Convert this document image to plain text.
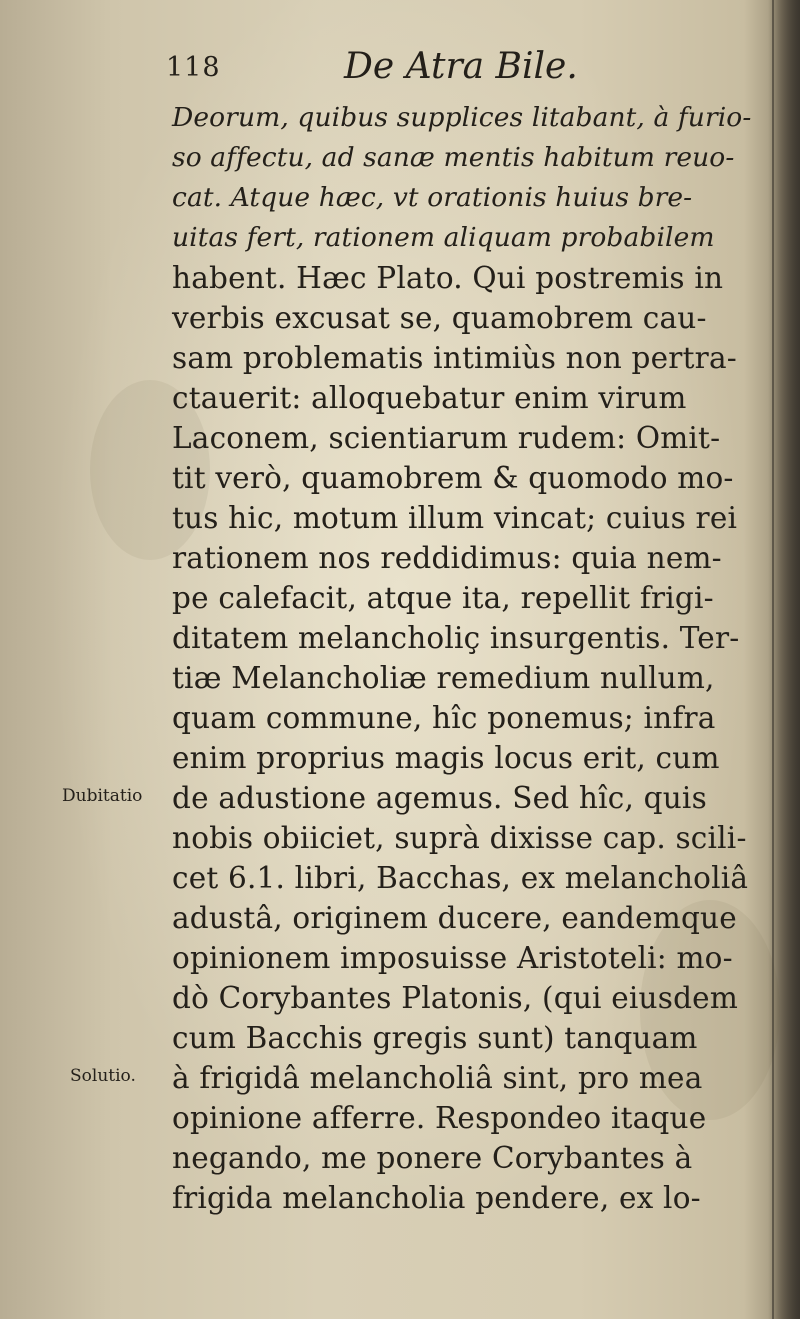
118	De Atra Bile.
Deorum, quibus supplices litabant, à furio-
so affectu, ad sanæ mentis habitum reuo-
cat. Atque hæc, vt orationis huius bre-
uitas fert, rationem aliquam probabilem
habent. Hæc Plato. Qui postremis in
verbis excusat se, quamobrem cau-
sam problematis intimiùs non pertra-
ctauerit: alloquebatur enim virum
Laconem, scientiarum rudem: Omit-
tit verò, quamobrem & quomodo mo-
tus hic, motum illum vincat; cuius rei
rationem nos reddidimus: quia nem-
pe calefacit, atque ita, repellit frigi-
ditatem melancholiç insurgentis. Ter-
tiæ Melancholiæ remedium nullum,
quam commune, hîc ponemus; infra
enim proprius magis locus erit, cum
de adustione agemus. Sed hîc, quis
nobis obiiciet, suprà dixisse cap. scili-
cet 6.1. libri, Bacchas, ex melancholiâ
adustâ, originem ducere, eandemque
opinionem imposuisse Aristoteli: mo-
dò Corybantes Platonis, (qui eiusdem
cum Bacchis gregis sunt) tanquam
à frigidâ melancholiâ sint, pro mea
opinione afferre. Respondeo itaque
negando, me ponere Corybantes à
frigida melancholia pendere, ex lo-
Dubitatio
Solutio.
